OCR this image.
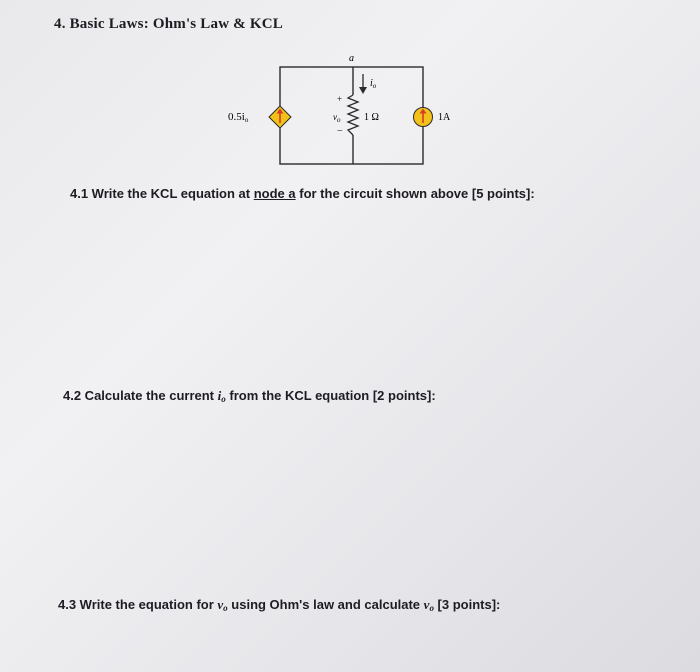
4. Basic Laws: Ohm's Law & KCL
a
$i_o$
+
$v_o$
−
1 Ω
0.5io	1A
4.1 Write the KCL equation at node a for the circuit shown above [5 points]:
4.2 Calculate the current $i_o$ from the KCL equation [2 points]:
4.3 Write the equation for $v_o$ using Ohm's law and calculate $v_o$ [3 points]:
